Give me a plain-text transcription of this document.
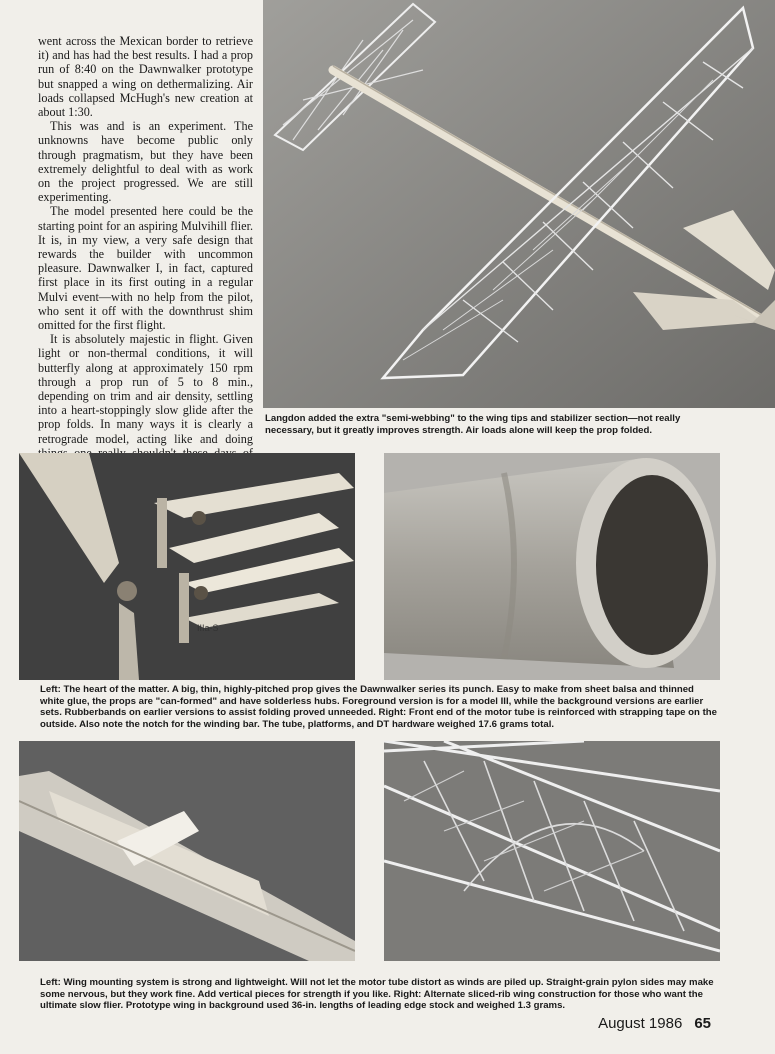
went across the Mexican border to retrieve it) and has had the best results. I had a prop run of 8:40 on the Dawnwalker prototype but snapped a wing on dethermalizing. Air loads collapsed McHugh's new creation at about 1:30.

This was and is an experiment. The unknowns have become public only through pragmatism, but they have been extremely delightful to deal with as work on the project progressed. We are still experimenting.

The model presented here could be the starting point for an aspiring Mulvihill flier. It is, in my view, a very safe design that rewards the builder with uncommon pleasure. Dawnwalker I, in fact, captured first place in its first outing in a regular Mulvi event—with no help from the pilot, who sent it off with the downthrust shim omitted for the first flight.

It is absolutely majestic in flight. Given light or non-thermal conditions, it will butterfly along at approximately 150 rpm through a prop run of 5 to 8 min., depending on trim and air density, settling into a heart-stoppingly slow glide after the prop folds. In many ways it is clearly a retrograde model, acting like and doing

Langdon added the extra "semi-webbing" to the wing tips and stabilizer section—not really necessary, but it greatly improves strength. Air loads alone will keep the prop folded.
IIIa-S
Left: The heart of the matter. A big, thin, highly-pitched prop gives the Dawnwalker series its punch. Easy to make from sheet balsa and thinned white glue, the props are "can-formed" and have solderless hubs. Foreground version is for a model III, while the background versions are earlier sets. Rubberbands on earlier versions to assist folding proved unneeded. Right: Front end of the motor tube is reinforced with strapping tape on the outside. Also note the notch for the winding bar. The tube, platforms, and DT hardware weighed 17.6 grams total.
Left: Wing mounting system is strong and lightweight. Will not let the motor tube distort as winds are piled up. Straight-grain pylon sides may make some nervous, but they work fine. Add vertical pieces for strength if you like. Right: Alternate sliced-rib wing construction for those who want the ultimate slow flier. Prototype wing in background used 36-in. lengths of leading edge stock and weighed 1.3 grams.
August 1986 65
